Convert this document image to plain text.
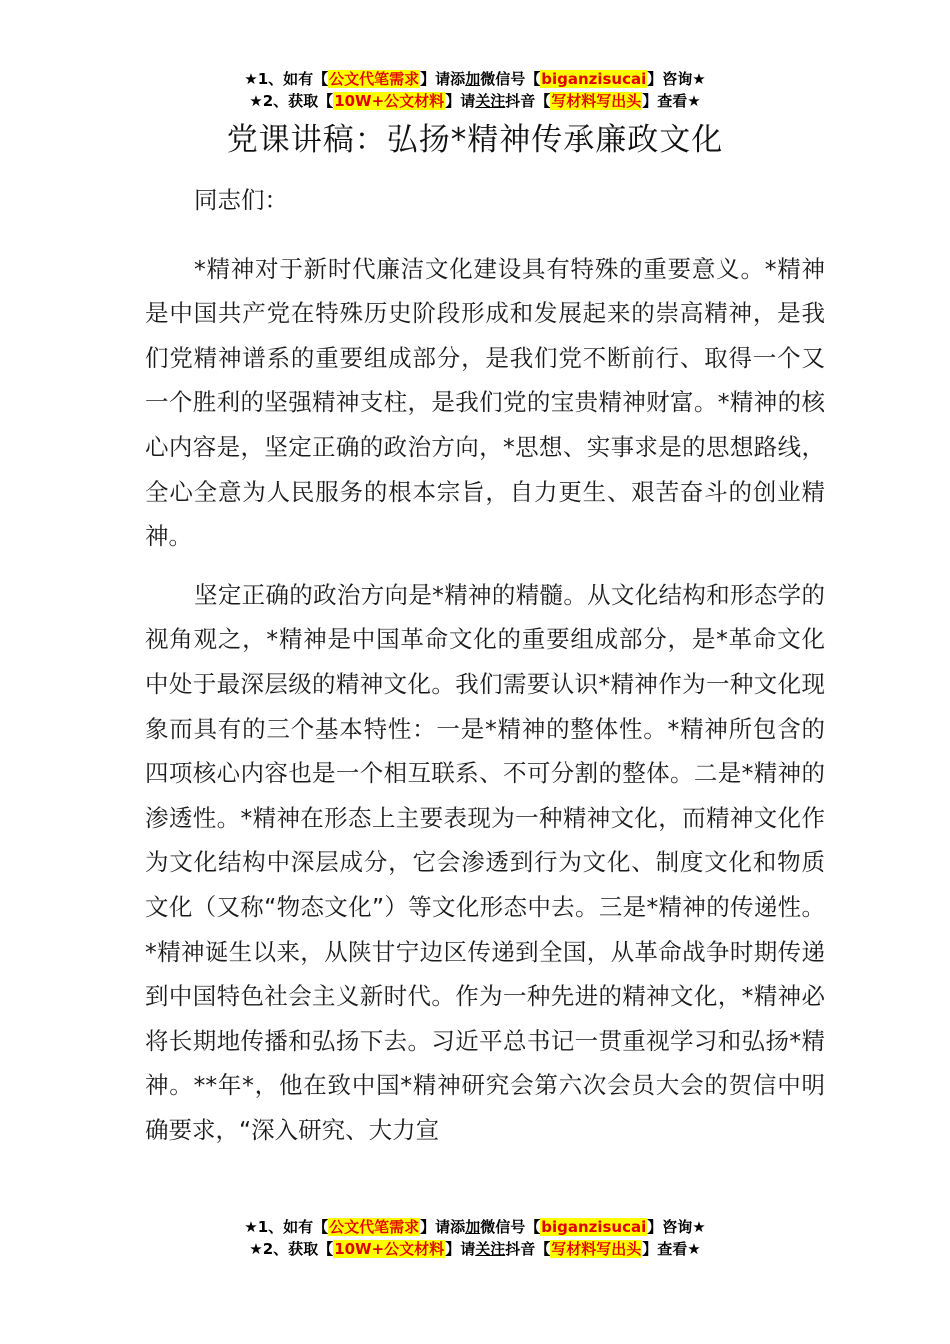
★1、如有【公文代笔需求】请添加微信号【biganzisucai】咨询★
★2、获取【10W+公文材料】请关注抖音【写材料写出头】查看★
党课讲稿：弘扬*精神传承廉政文化

同志们：

*精神对于新时代廉洁文化建设具有特殊的重要意义。*精神是中国共产党在特殊历史阶段形成和发展起来的崇高精神，是我们党精神谱系的重要组成部分，是我们党不断前行、取得一个又一个胜利的坚强精神支柱，是我们党的宝贵精神财富。*精神的核心内容是，坚定正确的政治方向，*思想、实事求是的思想路线，全心全意为人民服务的根本宗旨，自力更生、艰苦奋斗的创业精神。

坚定正确的政治方向是*精神的精髓。从文化结构和形态学的视角观之，*精神是中国革命文化的重要组成部分，是*革命文化中处于最深层级的精神文化。我们需要认识*精神作为一种文化现象而具有的三个基本特性：一是*精神的整体性。*精神所包含的四项核心内容也是一个相互联系、不可分割的整体。二是*精神的渗透性。*精神在形态上主要表现为一种精神文化，而精神文化作为文化结构中深层成分，它会渗透到行为文化、制度文化和物质文化（又称“物态文化”）等文化形态中去。三是*精神的传递性。*精神诞生以来，从陕甘宁边区传递到全国，从革命战争时期传递到中国特色社会主义新时代。作为一种先进的精神文化，*精神必将长期地传播和弘扬下去。习近平总书记一贯重视学习和弘扬*精神。**年*，他在致中国*精神研究会第六次会员大会的贺信中明确要求，“深入研究、大力宣

★1、如有【公文代笔需求】请添加微信号【biganzisucai】咨询★
★2、获取【10W+公文材料】请关注抖音【写材料写出头】查看★
